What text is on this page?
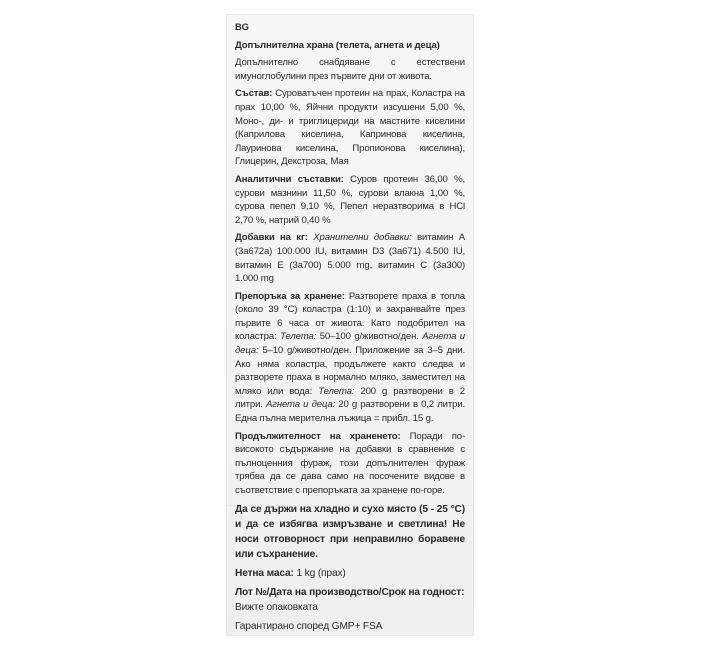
BG

Допълнителна храна (телета, агнета и деца)

Допълнително снабдяване с естествени имуноглобулини през първите дни от живота.

Състав: Суроватъчен протеин на прах, Коластра на прах 10,00 %, Яйчни продукти изсушени 5,00 %, Моно-, ди- и триглицериди на мастните киселини (Каприлова киселина, Капринова киселина, Лауринова киселина, Пропионова киселина), Глицерин, Декстроза, Мая

Аналитични съставки: Суров протеин 36,00 %, сурови мазнини 11,50 %, сурови влакна 1,00 %, сурова пепел 9,10 %, Пепел неразтворима в HCl 2,70 %, натрий 0,40 %

Добавки на кг: Хранителни добавки: витамин A (3a672a) 100.000 IU, витамин D3 (3a671) 4.500 IU, витамин E (3a700) 5.000 mg, витамин C (3a300) 1.000 mg

Препоръка за хранене: Разтворете праха в топла (около 39 °C) коластра (1:10) и захранвайте през първите 6 часа от живота. Като подобрител на коластра: Телета: 50–100 g/животно/ден. Агнета и деца: 5–10 g/животно/ден. Приложение за 3–5 дни. Ако няма коластра, продължете както следва и разтворете праха в нормално мляко, заместител на мляко или вода: Телета: 200 g разтворени в 2 литри. Агнета и деца: 20 g разтворени в 0,2 литри. Една пълна мерителна лъжица = прибл. 15 g.

Продължителност на храненето: Поради по-високото съдържание на добавки в сравнение с пълноценния фураж, този допълнителен фураж трябва да се дава само на посочените видове в съответствие с препоръката за хранене по-горе.

Да се държи на хладно и сухо място (5 - 25 °C) и да се избягва измръзване и светлина! Не носи отговорност при неправилно боравене или съхранение.

Нетна маса: 1 kg (прах)

Лот №/Дата на производство/Срок на годност:
Вижте опаковката

Гарантирано според GMP+ FSA
